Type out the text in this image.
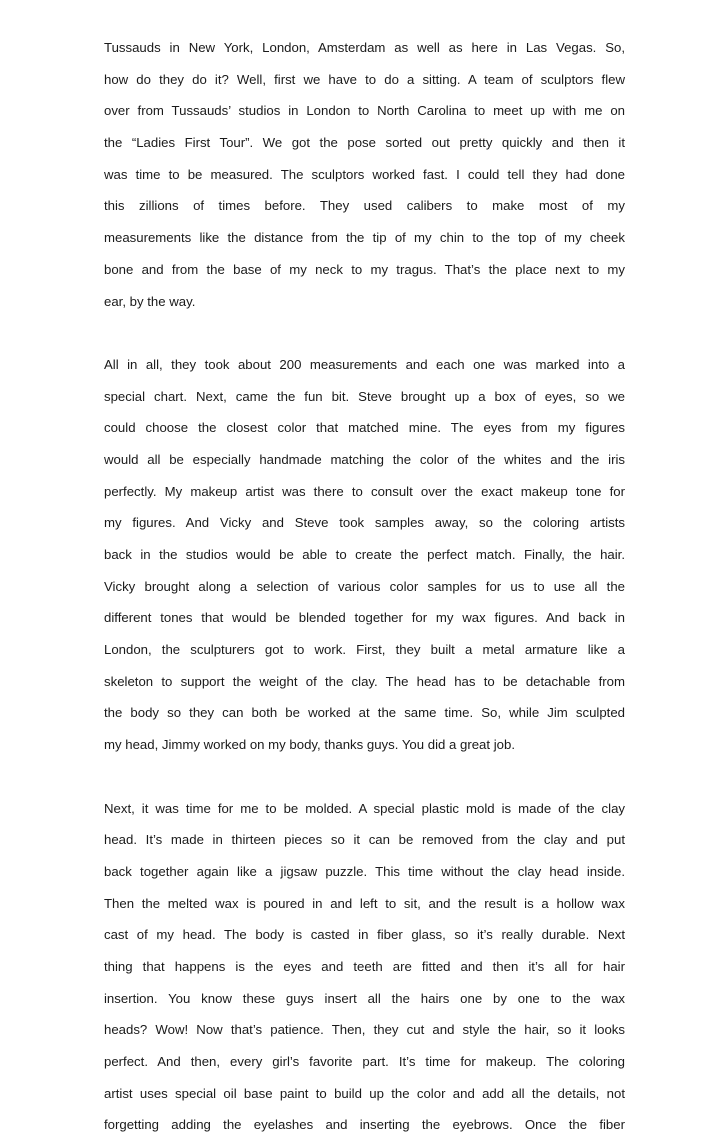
Tussauds in New York, London, Amsterdam as well as here in Las Vegas. So,
how do they do it? Well, first we have to do a sitting. A team of sculptors flew
over from Tussauds’ studios in London to North Carolina to meet up with me on
the “Ladies First Tour”. We got the pose sorted out pretty quickly and then it
was time to be measured. The sculptors worked fast. I could tell they had done
this zillions of times before. They used calibers to make most of my
measurements like the distance from the tip of my chin to the top of my cheek
bone and from the base of my neck to my tragus. That’s the place next to my
ear, by the way.
All in all, they took about 200 measurements and each one was marked into a
special chart. Next, came the fun bit. Steve brought up a box of eyes, so we
could choose the closest color that matched mine. The eyes from my figures
would all be especially handmade matching the color of the whites and the iris
perfectly. My makeup artist was there to consult over the exact makeup tone for
my figures. And Vicky and Steve took samples away, so the coloring artists
back in the studios would be able to create the perfect match. Finally, the hair.
Vicky brought along a selection of various color samples for us to use all the
different tones that would be blended together for my wax figures. And back in
London, the sculpturers got to work. First, they built a metal armature like a
skeleton to support the weight of the clay. The head has to be detachable from
the body so they can both be worked at the same time. So, while Jim sculpted
my head, Jimmy worked on my body, thanks guys. You did a great job.
Next, it was time for me to be molded. A special plastic mold is made of the clay
head. It’s made in thirteen pieces so it can be removed from the clay and put
back together again like a jigsaw puzzle. This time without the clay head inside.
Then the melted wax is poured in and left to sit, and the result is a hollow wax
cast of my head. The body is casted in fiber glass, so it’s really durable. Next
thing that happens is the eyes and teeth are fitted and then it’s all for hair
insertion. You know these guys insert all the hairs one by one to the wax
heads? Wow! Now that’s patience. Then, they cut and style the hair, so it looks
perfect. And then, every girl’s favorite part. It’s time for makeup. The coloring
artist uses special oil base paint to build up the color and add all the details, not
forgetting adding the eyelashes and inserting the eyebrows. Once the fiber
